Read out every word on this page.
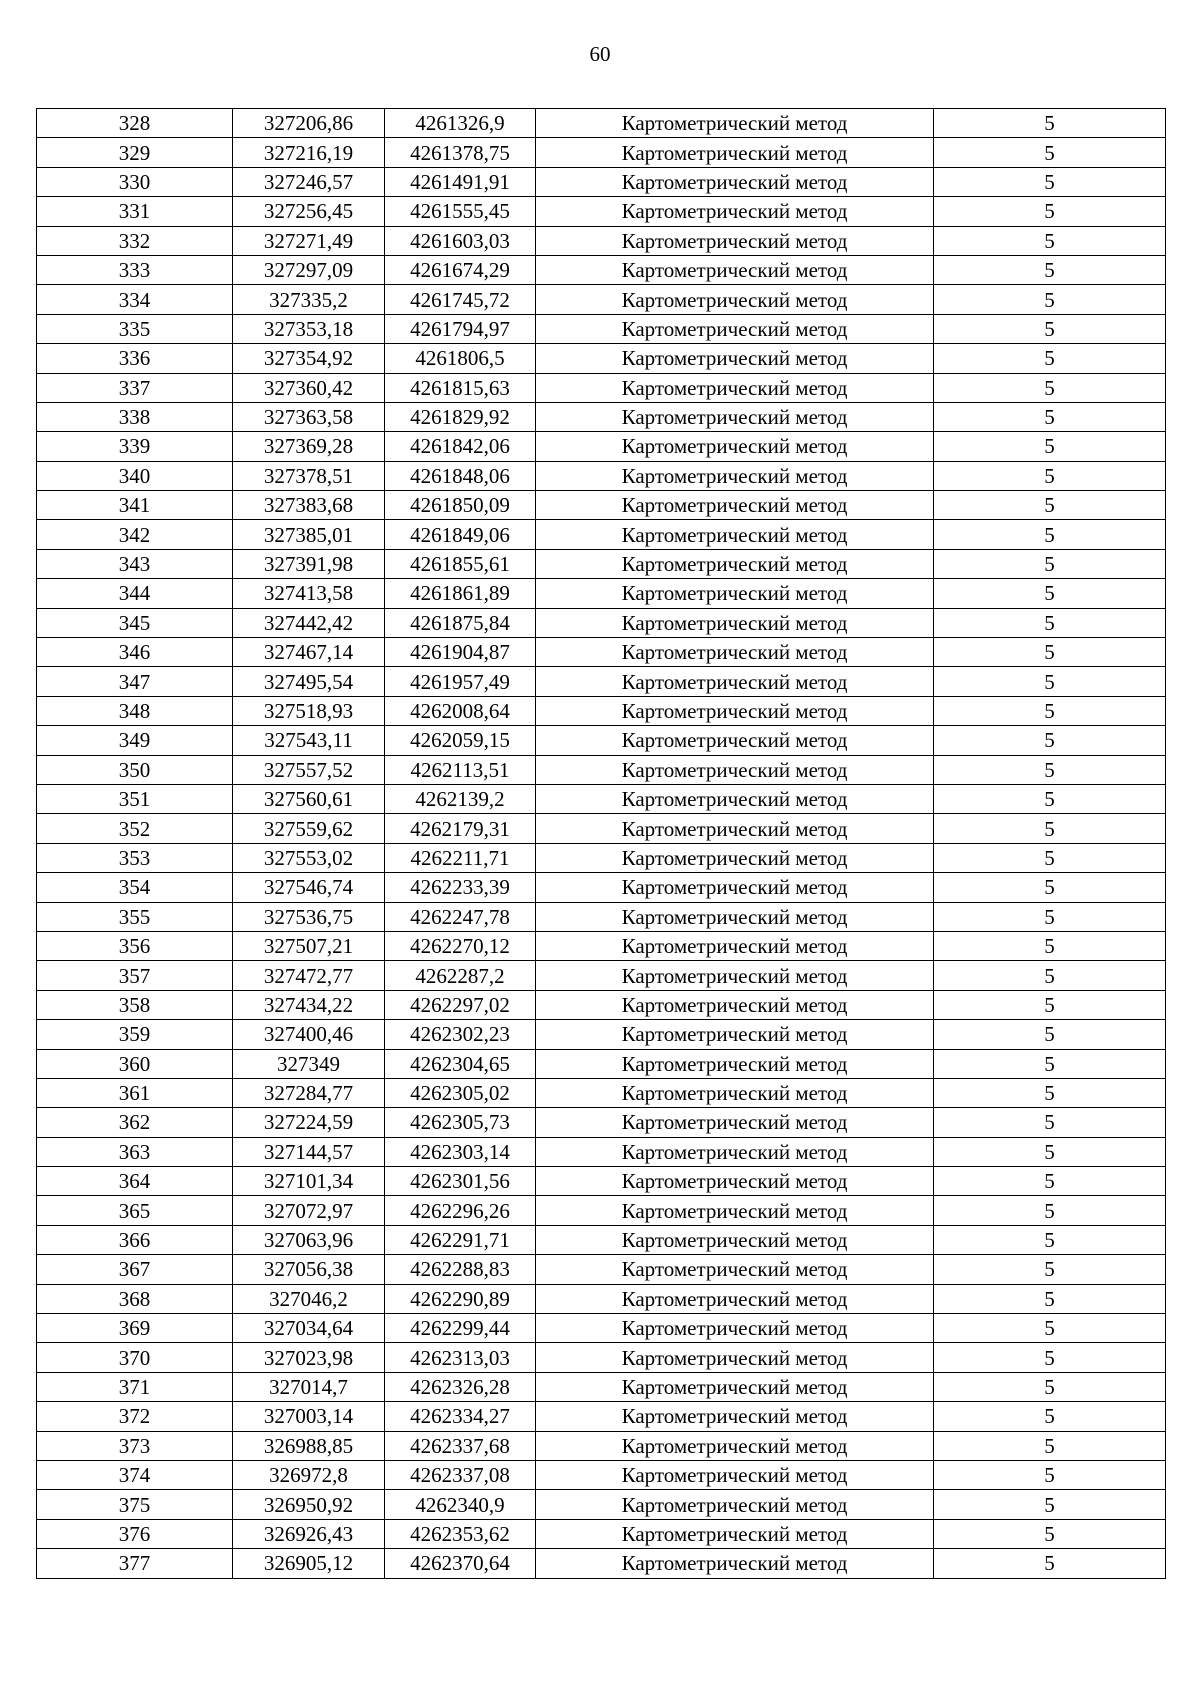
60
328	327206,86	4261326,9	Картометрический метод	5
329	327216,19	4261378,75	Картометрический метод	5
330	327246,57	4261491,91	Картометрический метод	5
331	327256,45	4261555,45	Картометрический метод	5
332	327271,49	4261603,03	Картометрический метод	5
333	327297,09	4261674,29	Картометрический метод	5
334	327335,2	4261745,72	Картометрический метод	5
335	327353,18	4261794,97	Картометрический метод	5
336	327354,92	4261806,5	Картометрический метод	5
337	327360,42	4261815,63	Картометрический метод	5
338	327363,58	4261829,92	Картометрический метод	5
339	327369,28	4261842,06	Картометрический метод	5
340	327378,51	4261848,06	Картометрический метод	5
341	327383,68	4261850,09	Картометрический метод	5
342	327385,01	4261849,06	Картометрический метод	5
343	327391,98	4261855,61	Картометрический метод	5
344	327413,58	4261861,89	Картометрический метод	5
345	327442,42	4261875,84	Картометрический метод	5
346	327467,14	4261904,87	Картометрический метод	5
347	327495,54	4261957,49	Картометрический метод	5
348	327518,93	4262008,64	Картометрический метод	5
349	327543,11	4262059,15	Картометрический метод	5
350	327557,52	4262113,51	Картометрический метод	5
351	327560,61	4262139,2	Картометрический метод	5
352	327559,62	4262179,31	Картометрический метод	5
353	327553,02	4262211,71	Картометрический метод	5
354	327546,74	4262233,39	Картометрический метод	5
355	327536,75	4262247,78	Картометрический метод	5
356	327507,21	4262270,12	Картометрический метод	5
357	327472,77	4262287,2	Картометрический метод	5
358	327434,22	4262297,02	Картометрический метод	5
359	327400,46	4262302,23	Картометрический метод	5
360	327349	4262304,65	Картометрический метод	5
361	327284,77	4262305,02	Картометрический метод	5
362	327224,59	4262305,73	Картометрический метод	5
363	327144,57	4262303,14	Картометрический метод	5
364	327101,34	4262301,56	Картометрический метод	5
365	327072,97	4262296,26	Картометрический метод	5
366	327063,96	4262291,71	Картометрический метод	5
367	327056,38	4262288,83	Картометрический метод	5
368	327046,2	4262290,89	Картометрический метод	5
369	327034,64	4262299,44	Картометрический метод	5
370	327023,98	4262313,03	Картометрический метод	5
371	327014,7	4262326,28	Картометрический метод	5
372	327003,14	4262334,27	Картометрический метод	5
373	326988,85	4262337,68	Картометрический метод	5
374	326972,8	4262337,08	Картометрический метод	5
375	326950,92	4262340,9	Картометрический метод	5
376	326926,43	4262353,62	Картометрический метод	5
377	326905,12	4262370,64	Картометрический метод	5
